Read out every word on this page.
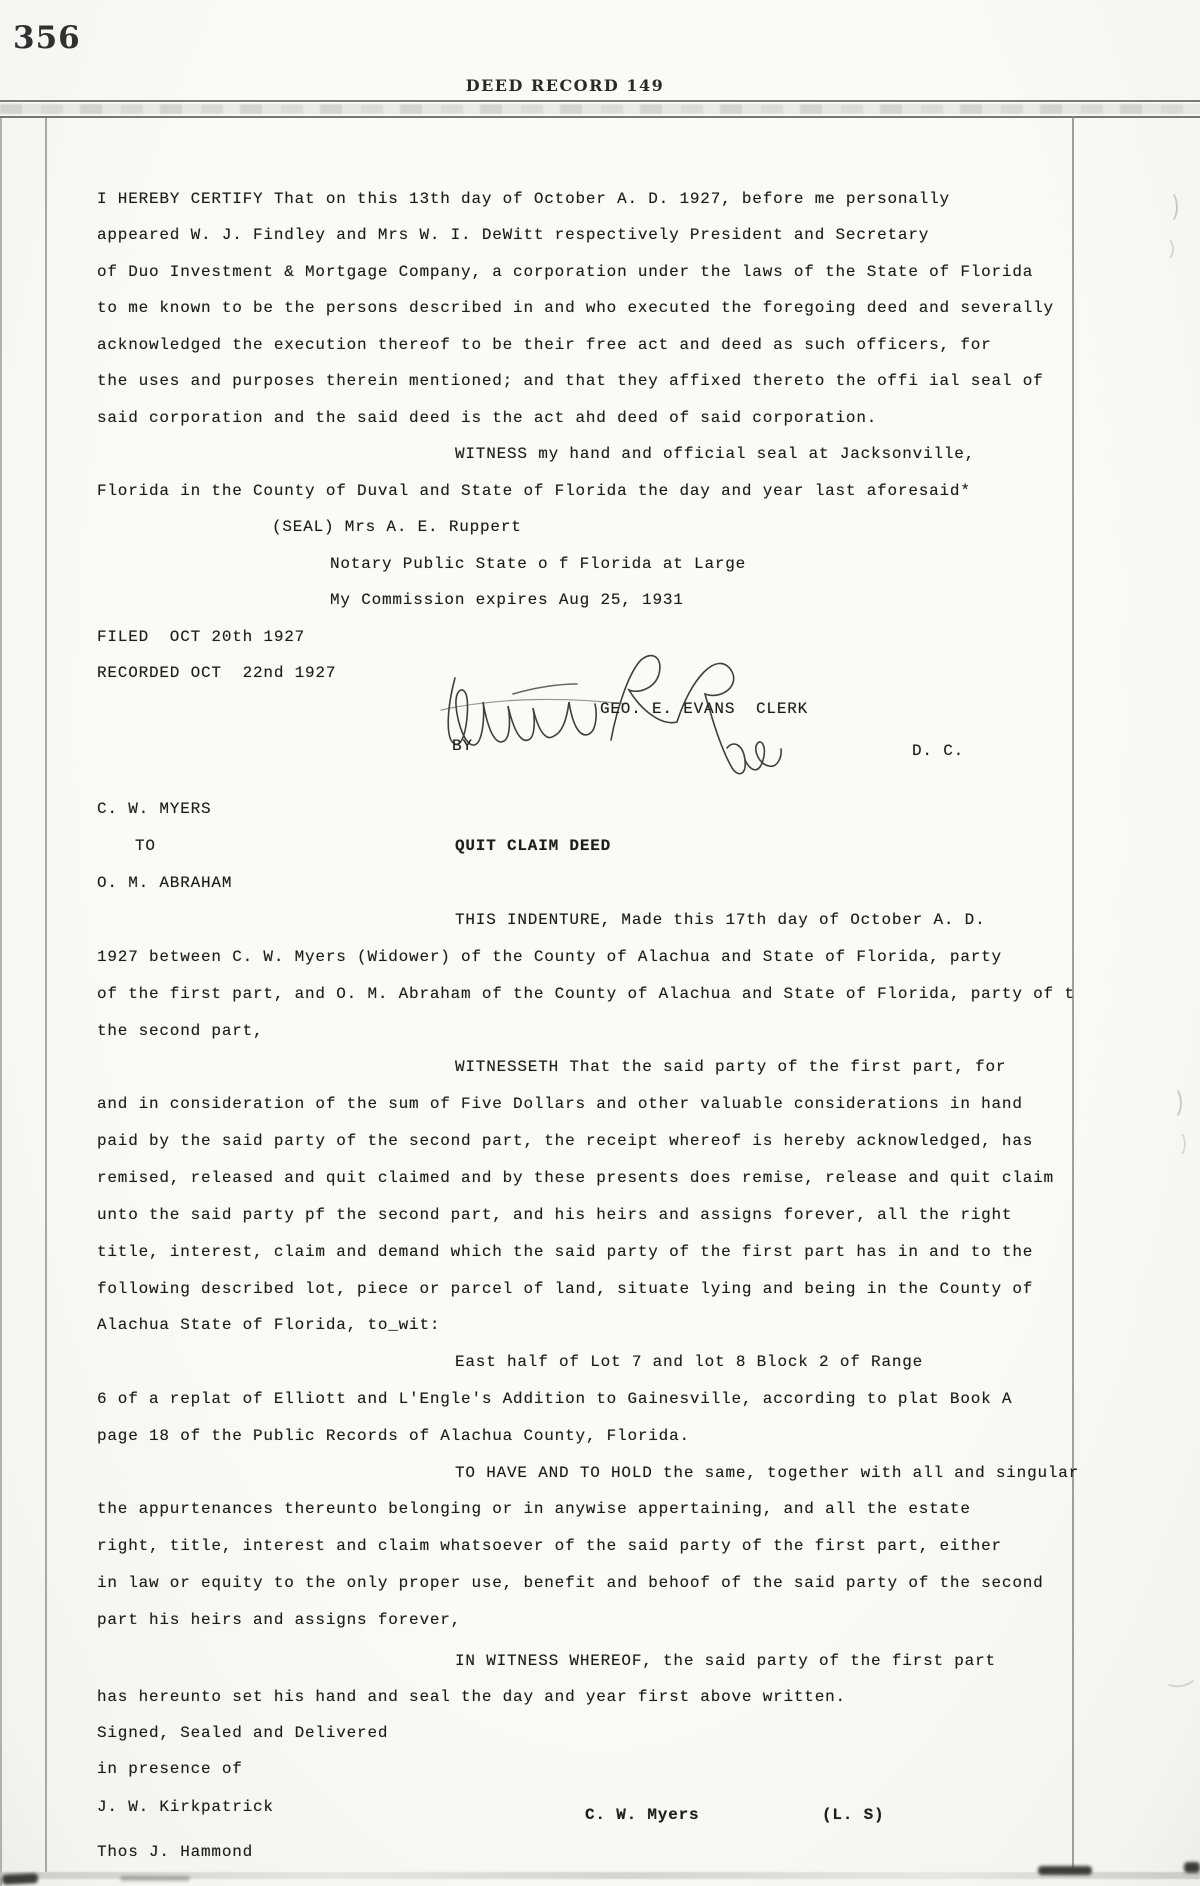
356
DEED RECORD 149
I HEREBY CERTIFY That on this 13th day of October A. D. 1927, before me personally
appeared W. J. Findley and Mrs W. I. DeWitt respectively President and Secretary
of Duo Investment & Mortgage Company, a corporation under the laws of the State of Florida
to me known to be the persons described in and who executed the foregoing deed and severally
acknowledged the execution thereof to be their free act and deed as such officers, for
the uses and purposes therein mentioned; and that they affixed thereto the offi ial seal of
said corporation and the said deed is the act ahd deed of said corporation.
WITNESS my hand and official seal at Jacksonville,
Florida in the County of Duval and State of Florida the day and year last aforesaid*
(SEAL) Mrs A. E. Ruppert
Notary Public State o f Florida at Large
My Commission expires Aug 25, 1931
FILED  OCT 20th 1927
RECORDED OCT  22nd 1927
GEO. E. EVANS  CLERK
BY	D. C.
C. W. MYERS
TO	QUIT CLAIM DEED
O. M. ABRAHAM
THIS INDENTURE, Made this 17th day of October A. D.
1927 between C. W. Myers (Widower) of the County of Alachua and State of Florida, party
of the first part, and O. M. Abraham of the County of Alachua and State of Florida, party of t
the second part,
WITNESSETH That the said party of the first part, for
and in consideration of the sum of Five Dollars and other valuable considerations in hand
paid by the said party of the second part, the receipt whereof is hereby acknowledged, has
remised, released and quit claimed and by these presents does remise, release and quit claim
unto the said party pf the second part, and his heirs and assigns forever, all the right
title, interest, claim and demand which the said party of the first part has in and to the
following described lot, piece or parcel of land, situate lying and being in the County of
Alachua State of Florida, to_wit:
East half of Lot 7 and lot 8 Block 2 of Range
6 of a replat of Elliott and L'Engle's Addition to Gainesville, according to plat Book A
page 18 of the Public Records of Alachua County, Florida.
TO HAVE AND TO HOLD the same, together with all and singular
the appurtenances thereunto belonging or in anywise appertaining, and all the estate
right, title, interest and claim whatsoever of the said party of the first part, either
in law or equity to the only proper use, benefit and behoof of the said party of the second
part his heirs and assigns forever,
IN WITNESS WHEREOF, the said party of the first part
has hereunto set his hand and seal the day and year first above written.
Signed, Sealed and Delivered
in presence of
J. W. Kirkpatrick	C. W. Myers	(L. S)
Thos J. Hammond
